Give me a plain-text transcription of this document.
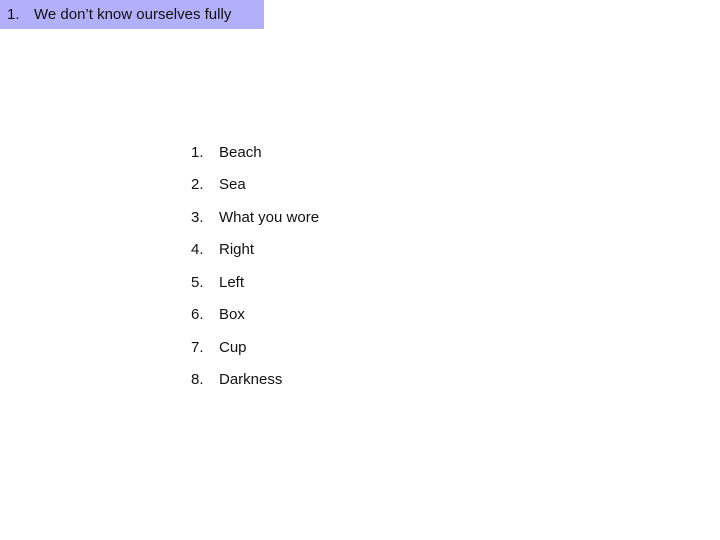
1. We don’t know ourselves fully
1.	Beach
2.	Sea
3.	What you wore
4.	Right
5.	Left
6.	Box
7.	Cup
8.	Darkness
